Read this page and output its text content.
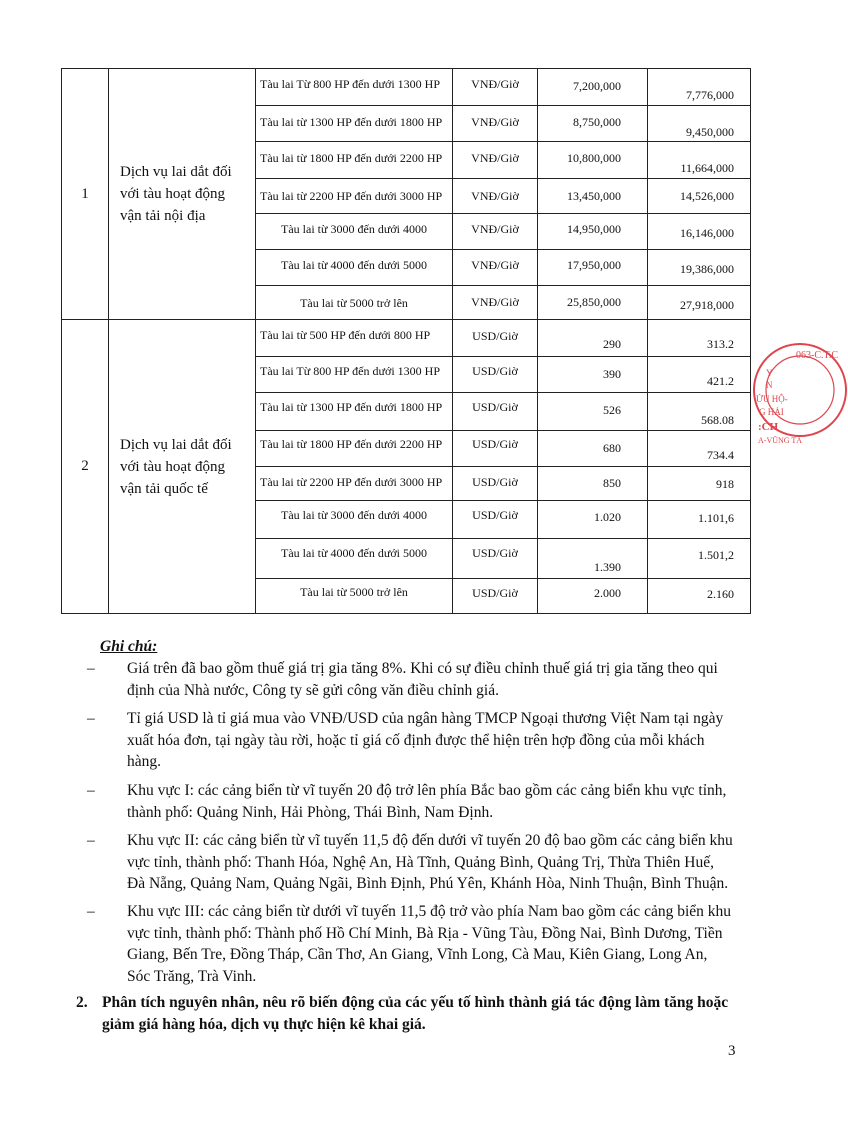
1	Dịch vụ lai dắt đối
với tàu hoạt động
vận tải nội địa	Tàu lai Từ 800 HP đến dưới 1300 HP	VNĐ/Giờ	7,200,000	7,776,000

		Tàu lai từ 1300 HP đến dưới 1800 HP	VNĐ/Giờ	8,750,000	9,450,000

		Tàu lai từ 1800 HP đến dưới 2200 HP	VNĐ/Giờ	10,800,000	11,664,000

		Tàu lai từ 2200 HP đến dưới 3000 HP	VNĐ/Giờ	13,450,000	14,526,000

		Tàu lai từ 3000 đến dưới 4000	VNĐ/Giờ	14,950,000	16,146,000

		Tàu lai từ 4000 đến dưới 5000	VNĐ/Giờ	17,950,000	19,386,000

		Tàu lai từ 5000 trở lên	VNĐ/Giờ	25,850,000	27,918,000

2	Dịch vụ lai dắt đối
với tàu hoạt động
vận tải quốc tế	Tàu lai từ 500 HP đến dưới 800 HP	USD/Giờ	290	313.2

		Tàu lai Từ 800 HP đến dưới 1300 HP	USD/Giờ	390	421.2

		Tàu lai từ 1300 HP đến dưới 1800 HP	USD/Giờ	526	568.08

		Tàu lai từ 1800 HP đến dưới 2200 HP	USD/Giờ	680	734.4

		Tàu lai từ 2200 HP đến dưới 3000 HP	USD/Giờ	850	918

		Tàu lai từ 3000 đến dưới 4000	USD/Giờ	1.020	1.101,6

		Tàu lai từ 4000 đến dưới 5000	USD/Giờ	1.390	1.501,2

		Tàu lai từ 5000 trở lên	USD/Giờ	2.000	2.160
Ghi chú:
– Giá trên đã bao gồm thuế giá trị gia tăng 8%. Khi có sự điều chỉnh thuế giá trị gia tăng theo qui
định của Nhà nước, Công ty sẽ gửi công văn điều chỉnh giá.
– Tỉ giá USD là tỉ giá mua vào VNĐ/USD của ngân hàng TMCP Ngoại thương Việt Nam tại ngày
xuất hóa đơn, tại ngày tàu rời, hoặc tỉ giá cố định được thể hiện trên hợp đồng của mỗi khách
hàng.
– Khu vực I: các cảng biển từ vĩ tuyến 20 độ trở lên phía Bắc bao gồm các cảng biển khu vực tỉnh,
thành phố: Quảng Ninh, Hải Phòng, Thái Bình, Nam Định.
– Khu vực II: các cảng biển từ vĩ tuyến 11,5 độ đến dưới vĩ tuyến 20 độ bao gồm các cảng biển khu
vực tỉnh, thành phố: Thanh Hóa, Nghệ An, Hà Tĩnh, Quảng Bình, Quảng Trị, Thừa Thiên Huế,
Đà Nẵng, Quảng Nam, Quảng Ngãi, Bình Định, Phú Yên, Khánh Hòa, Ninh Thuận, Bình Thuận.
– Khu vực III: các cảng biển từ dưới vĩ tuyến 11,5 độ trở vào phía Nam bao gồm các cảng biển khu
vực tỉnh, thành phố: Thành phố Hồ Chí Minh, Bà Rịa - Vũng Tàu, Đồng Nai, Bình Dương, Tiền
Giang, Bến Tre, Đồng Tháp, Cần Thơ, An Giang, Vĩnh Long, Cà Mau, Kiên Giang, Long An,
Sóc Trăng, Trà Vinh.
2. Phân tích nguyên nhân, nêu rõ biến động của các yếu tố hình thành giá tác động làm tăng hoặc
giảm giá hàng hóa, dịch vụ thực hiện kê khai giá.
3
063-C.T.C
Y
N
ỨU HỘ-
G HẢI
:CH
A-VŨNG TÀ
